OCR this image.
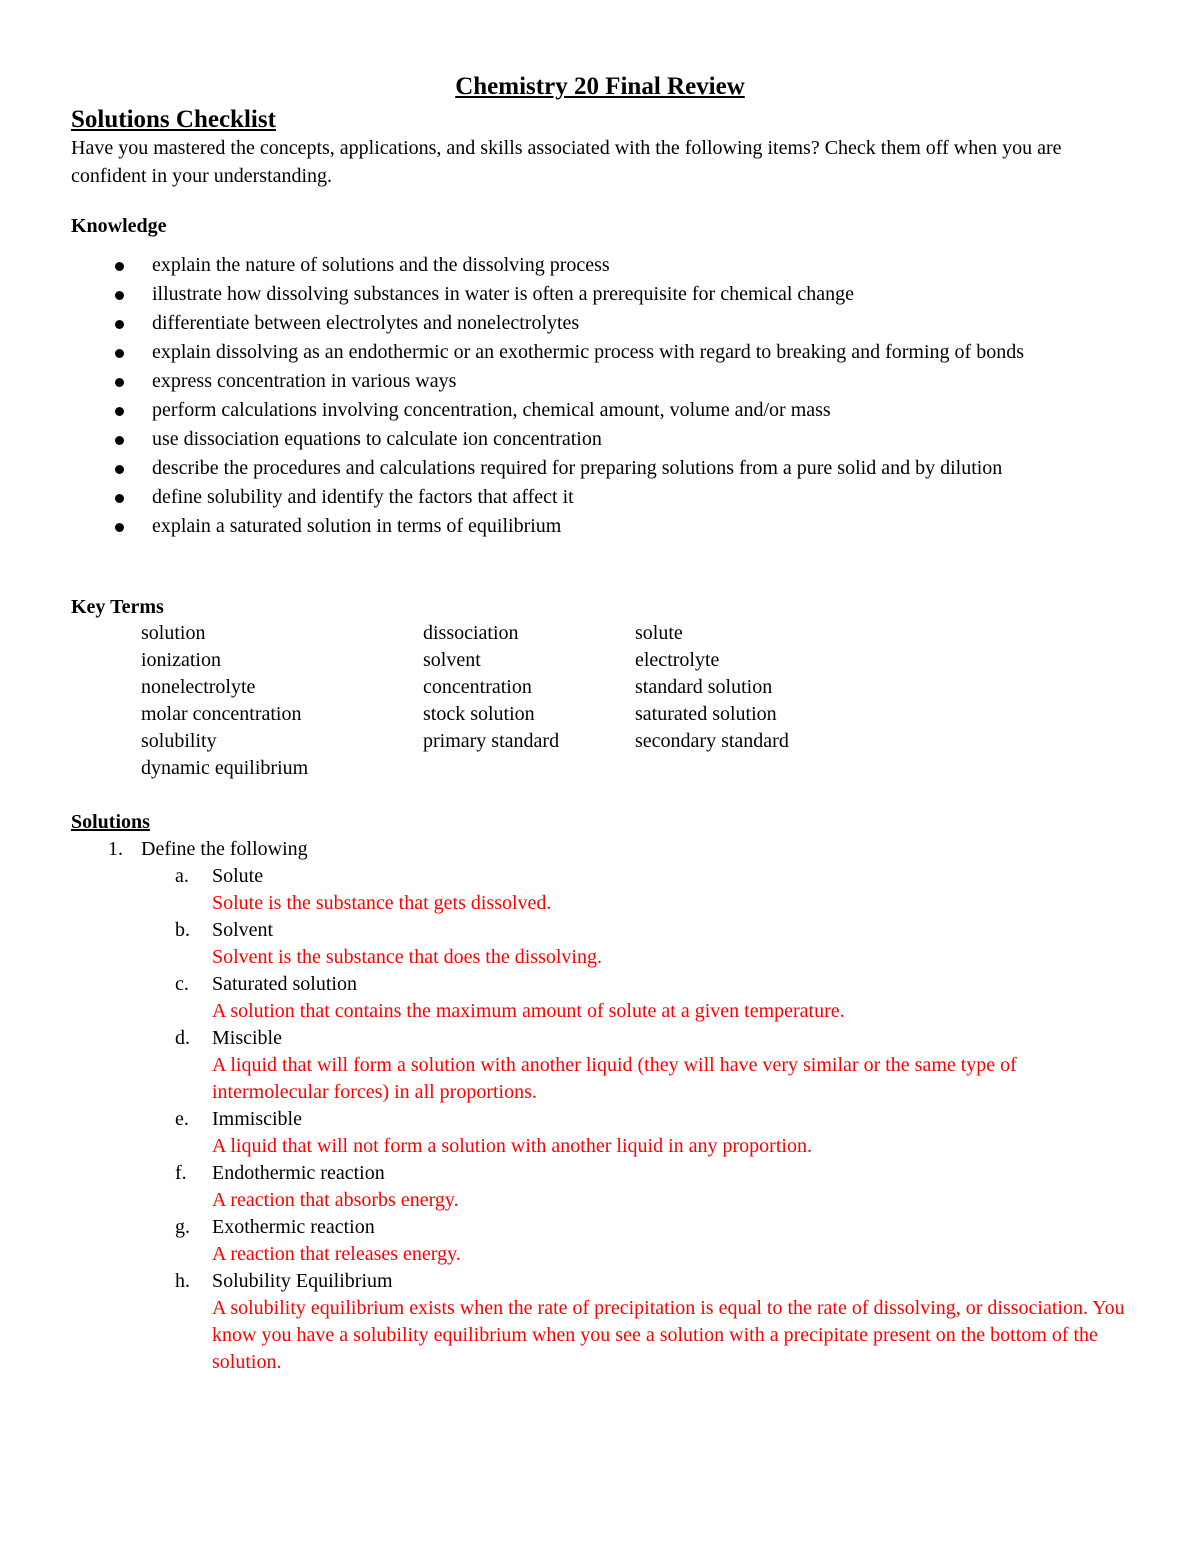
Chemistry 20 Final Review
Solutions Checklist
Have you mastered the concepts, applications, and skills associated with the following items? Check them off when you are confident in your understanding.
Knowledge
explain the nature of solutions and the dissolving process
illustrate how dissolving substances in water is often a prerequisite for chemical change
differentiate between electrolytes and nonelectrolytes
explain dissolving as an endothermic or an exothermic process with regard to breaking and forming of bonds
express concentration in various ways
perform calculations involving concentration, chemical amount, volume and/or mass
use dissociation equations to calculate ion concentration
describe the procedures and calculations required for preparing solutions from a pure solid and by dilution
define solubility and identify the factors that affect it
explain a saturated solution in terms of equilibrium
Key Terms
solution	dissociation	solute
ionization	solvent	electrolyte
nonelectrolyte	concentration	standard solution
molar concentration	stock solution	saturated solution
solubility	primary standard	secondary standard
dynamic equilibrium
Solutions
1. Define the following
a. Solute
Solute is the substance that gets dissolved.
b. Solvent
Solvent is the substance that does the dissolving.
c. Saturated solution
A solution that contains the maximum amount of solute at a given temperature.
d. Miscible
A liquid that will form a solution with another liquid (they will have very similar or the same type of intermolecular forces) in all proportions.
e. Immiscible
A liquid that will not form a solution with another liquid in any proportion.
f. Endothermic reaction
A reaction that absorbs energy.
g. Exothermic reaction
A reaction that releases energy.
h. Solubility Equilibrium
A solubility equilibrium exists when the rate of precipitation is equal to the rate of dissolving, or dissociation. You know you have a solubility equilibrium when you see a solution with a precipitate present on the bottom of the solution.
